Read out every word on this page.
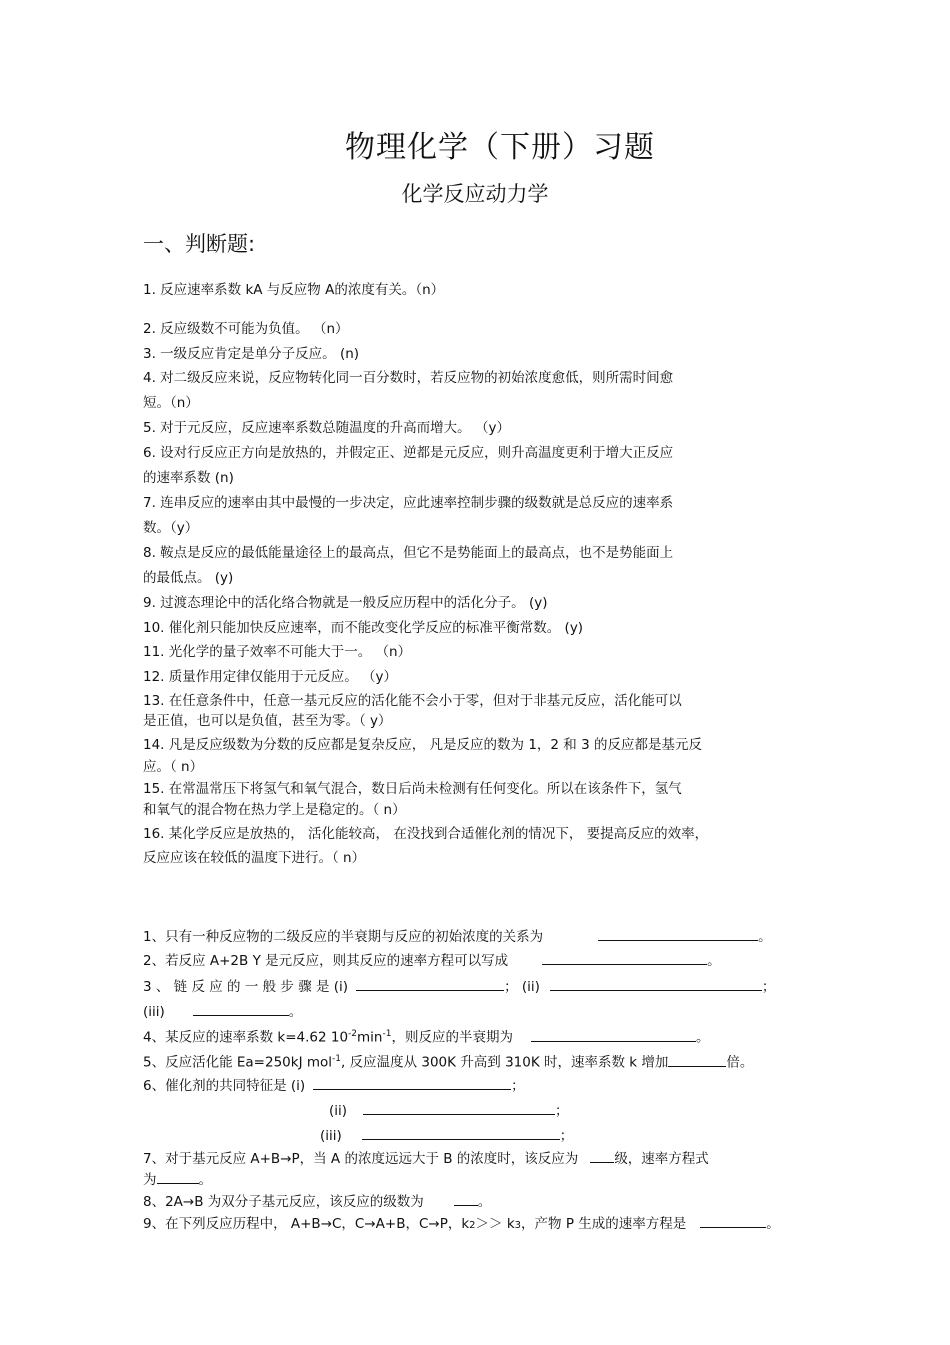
物理化学（下册）习题
化学反应动力学
一、判断题:
1. 反应速率系数 kA 与反应物 A的浓度有关。（n）
2. 反应级数不可能为负值。 （n）
3. 一级反应肯定是单分子反应。 (n)
4. 对二级反应来说，反应物转化同一百分数时，若反应物的初始浓度愈低，则所需时间愈
短。（n）
5. 对于元反应，反应速率系数总随温度的升高而增大。 （y）
6. 设对行反应正方向是放热的，并假定正、逆都是元反应，则升高温度更利于增大正反应
的速率系数 (n)
7. 连串反应的速率由其中最慢的一步决定，应此速率控制步骤的级数就是总反应的速率系
数。（y）
8. 鞍点是反应的最低能量途径上的最高点，但它不是势能面上的最高点，也不是势能面上
的最低点。 (y)
9. 过渡态理论中的活化络合物就是一般反应历程中的活化分子。 (y)
10. 催化剂只能加快反应速率，而不能改变化学反应的标准平衡常数。 (y)
11. 光化学的量子效率不可能大于一。 （n）
12. 质量作用定律仅能用于元反应。 （y）
13. 在任意条件中，任意一基元反应的活化能不会小于零，但对于非基元反应，活化能可以
是正值，也可以是负值，甚至为零。（ y）
14. 凡是反应级数为分数的反应都是复杂反应， 凡是反应的数为 1，2 和 3 的反应都是基元反
应。（ n）
15. 在常温常压下将氢气和氧气混合，数日后尚未检测有任何变化。所以在该条件下，氢气
和氧气的混合物在热力学上是稳定的。（ n）
16. 某化学反应是放热的， 活化能较高， 在没找到合适催化剂的情况下， 要提高反应的效率，
反应应该在较低的温度下进行。（ n）
1、只有一种反应物的二级反应的半衰期与反应的初始浓度的关系为	。
2、若反应 A+2B Y 是元反应，则其反应的速率方程可以写成	。
3 、 链 反 应 的 一 般 步 骤 是 (i)	； (ii)	；
(iii)	。
4、某反应的速率系数 k=4.62 $10^{-2}\min^{-1}$，则反应的半衰期为	。
5、反应活化能 Ea=250kJ mol$^{-1}$, 反应温度从 300K 升高到 310K 时，速率系数 k 增加	倍。
6、催化剂的共同特征是 (i)	；
(ii)	；
(iii)	；
7、对于基元反应 A+B→P，当 A 的浓度远远大于 B 的浓度时，该反应为	级，速率方程式
为	。
8、2A→B 为双分子基元反应，该反应的级数为	。
9、在下列反应历程中， A+B→C，C→A+B，C→P，k2＞＞ k3，产物 P 生成的速率方程是	。
